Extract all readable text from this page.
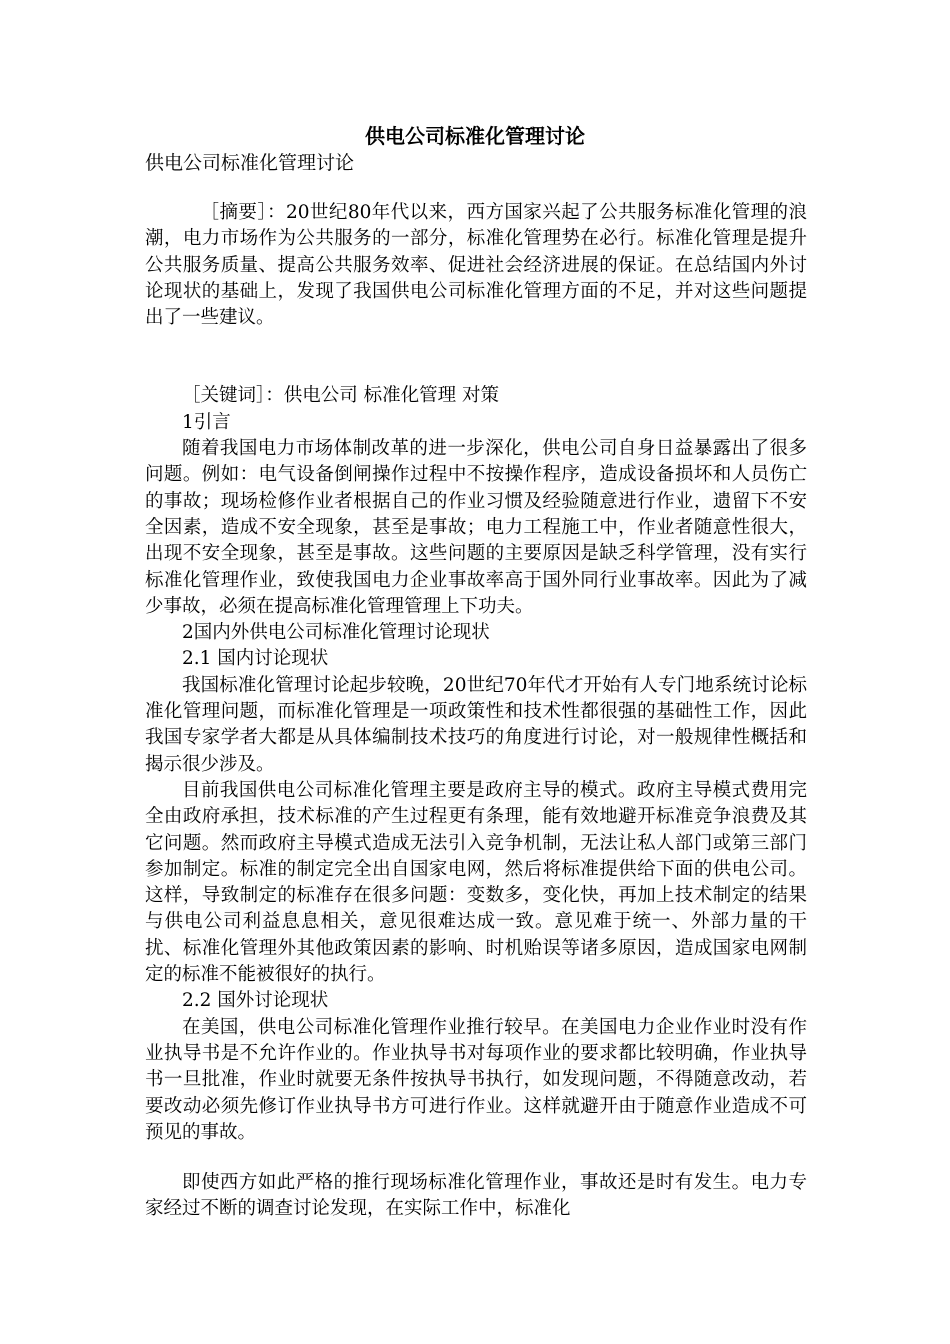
供电公司标准化管理讨论
供电公司标准化管理讨论

［摘要］：20世纪80年代以来，西方国家兴起了公共服务标准化管理的浪潮，电力市场作为公共服务的一部分，标准化管理势在必行。标准化管理是提升公共服务质量、提高公共服务效率、促进社会经济进展的保证。在总结国内外讨论现状的基础上，发现了我国供电公司标准化管理方面的不足，并对这些问题提出了一些建议。

［关键词］：供电公司 标准化管理 对策

1引言

随着我国电力市场体制改革的进一步深化，供电公司自身日益暴露出了很多问题。例如：电气设备倒闸操作过程中不按操作程序，造成设备损坏和人员伤亡的事故；现场检修作业者根据自己的作业习惯及经验随意进行作业，遗留下不安全因素，造成不安全现象，甚至是事故；电力工程施工中，作业者随意性很大，出现不安全现象，甚至是事故。这些问题的主要原因是缺乏科学管理，没有实行标准化管理作业，致使我国电力企业事故率高于国外同行业事故率。因此为了减少事故，必须在提高标准化管理管理上下功夫。

2国内外供电公司标准化管理讨论现状

2.1 国内讨论现状

我国标准化管理讨论起步较晚，20世纪70年代才开始有人专门地系统讨论标准化管理问题，而标准化管理是一项政策性和技术性都很强的基础性工作，因此我国专家学者大都是从具体编制技术技巧的角度进行讨论，对一般规律性概括和揭示很少涉及。

目前我国供电公司标准化管理主要是政府主导的模式。政府主导模式费用完全由政府承担，技术标准的产生过程更有条理，能有效地避开标准竞争浪费及其它问题。然而政府主导模式造成无法引入竞争机制，无法让私人部门或第三部门参加制定。标准的制定完全出自国家电网，然后将标准提供给下面的供电公司。这样，导致制定的标准存在很多问题：变数多，变化快，再加上技术制定的结果与供电公司利益息息相关，意见很难达成一致。意见难于统一、外部力量的干扰、标准化管理外其他政策因素的影响、时机贻误等诸多原因，造成国家电网制定的标准不能被很好的执行。

2.2 国外讨论现状

在美国，供电公司标准化管理作业推行较早。在美国电力企业作业时没有作业执导书是不允许作业的。作业执导书对每项作业的要求都比较明确，作业执导书一旦批准，作业时就要无条件按执导书执行，如发现问题，不得随意改动，若要改动必须先修订作业执导书方可进行作业。这样就避开由于随意作业造成不可预见的事故。

即使西方如此严格的推行现场标准化管理作业，事故还是时有发生。电力专家经过不断的调查讨论发现，在实际工作中，标准化
